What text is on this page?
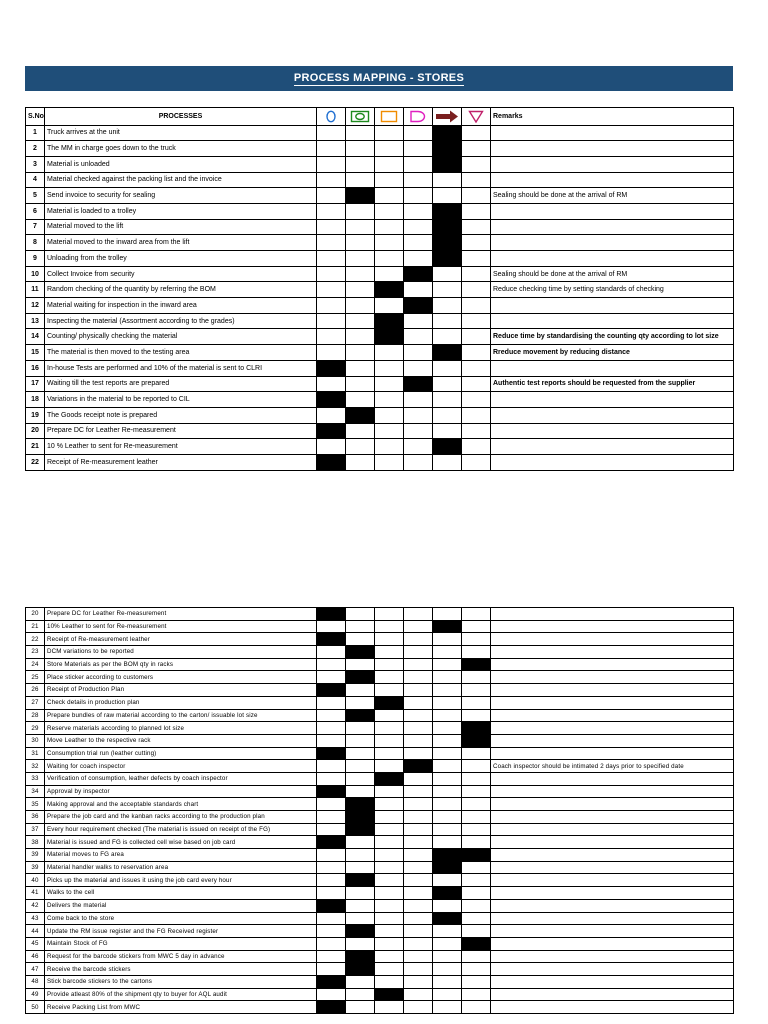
PROCESS MAPPING - STORES
S.No	PROCESSES							Remarks
1	Truck arrives at the unit							
2	The MM in charge goes down to the truck							
3	Material is unloaded							
4	Material checked against the packing list and the invoice							
5	Send invoice to security for sealing							Sealing should be done at the arrival of RM
6	Material is loaded to a trolley							
7	Material moved to the lift							
8	Material moved to the inward area from the lift							
9	Unloading from the trolley							
10	Collect Invoice from security							Sealing should be done at the arrival of RM
11	Random checking of the quantity by referring the BOM							Reduce checking time by setting standards of checking
12	Material waiting for inspection in the inward area							
13	Inspecting the material (Assortment according to the grades)							
14	Counting/ physically checking the material							Reduce time by standardising the counting qty according to lot size
15	The material is then moved to the testing area							Rreduce movement by reducing distance
16	In-house Tests are performed and 10% of the material is sent to CLRI							
17	Waiting till the test reports are prepared							Authentic test reports should be requested from the supplier
18	Variations in the material to be reported to CIL							
19	The Goods receipt note is prepared							
20	Prepare DC for Leather Re-measurement							
21	10 % Leather to sent for Re-measurement							
22	Receipt of Re-measurement leather							
20	Prepare DC for Leather Re-measurement							
21	10% Leather to sent for Re-measurement							
22	Receipt of Re-measurement leather							
23	DCM variations to be reported							
24	Store Materials as per the BOM qty in racks							
25	Place sticker according to customers							
26	Receipt of Production Plan							
27	Check details in production plan							
28	Prepare bundles of raw material according to the carton/ issuable lot size							
29	Reserve materials according to planned lot size							
30	Move Leather to the respective rack							
31	Consumption trial run (leather cutting)							
32	Waiting for coach inspector							Coach inspector should be intimated 2 days prior to specified date
33	Verification of consumption, leather defects by coach inspector							
34	Approval by inspector							
35	Making approval and the acceptable standards chart							
36	Prepare the job card and the kanban racks according to the production plan							
37	Every hour requirement checked (The material is issued on receipt of the FG)							
38	Material is issued and FG is collected cell wise based on job card							
39	Material moves to FG area							
39	Material handler walks to reservation area							
40	Picks up the material and issues it using the job card every hour							
41	Walks to the cell							
42	Delivers the material							
43	Come back to the store							
44	Update the RM issue register and the FG Received register							
45	Maintain Stock of FG							
46	Request for the barcode stickers from MWC 5 day in advance							
47	Receive the barcode stickers							
48	Stick barcode stickers to the cartons							
49	Provide atleast 80% of the shipment qty to buyer for AQL audit							
50	Receive Packing List from MWC							
